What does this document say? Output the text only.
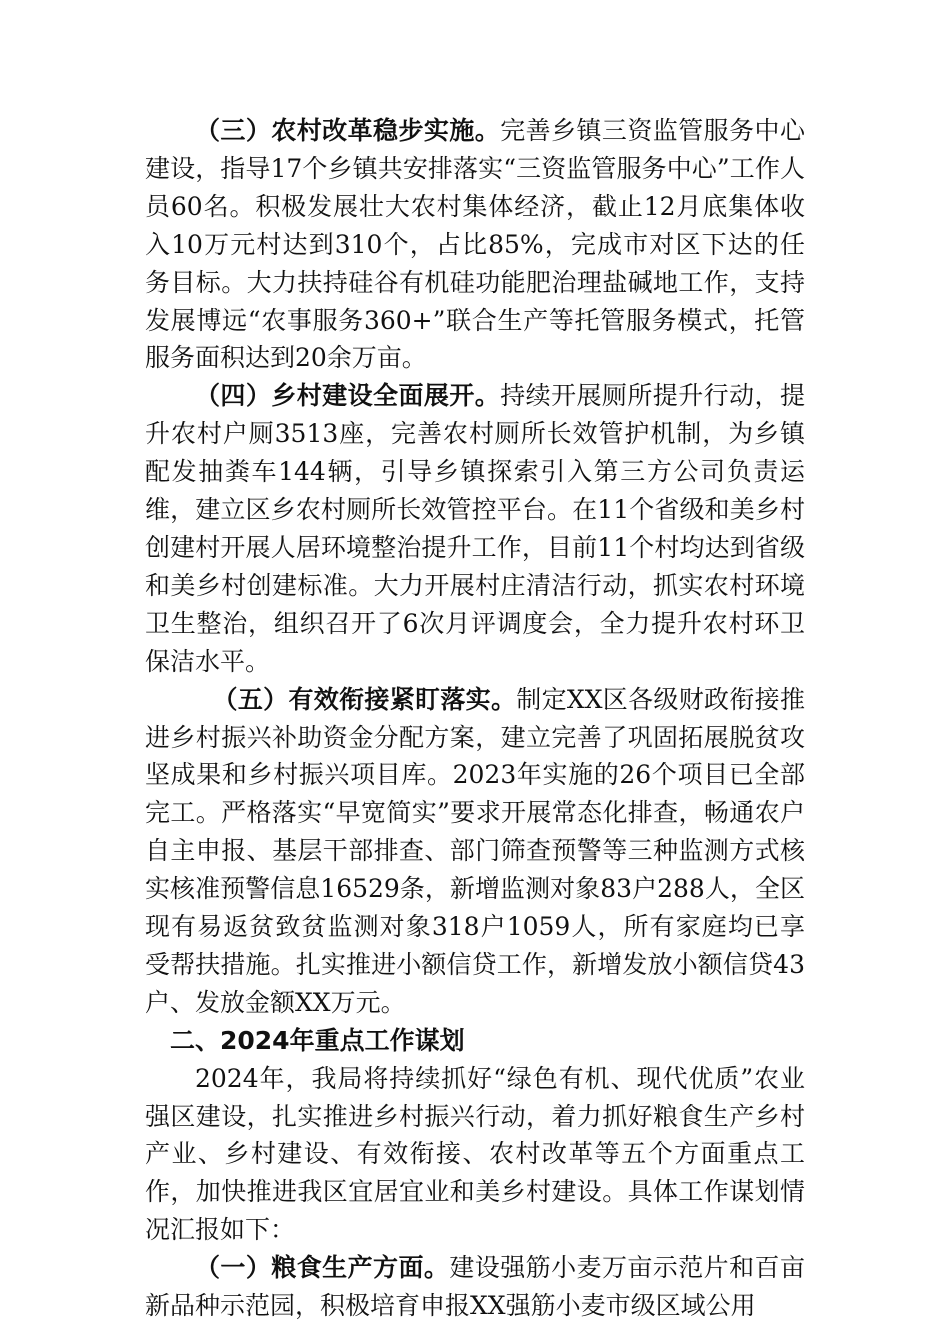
（三）农村改革稳步实施。完善乡镇三资监管服务中心建设，指导17个乡镇共安排落实“三资监管服务中心”工作人员60名。积极发展壮大农村集体经济，截止12月底集体收入10万元村达到310个，占比85%，完成市对区下达的任务目标。大力扶持硅谷有机硅功能肥治理盐碱地工作，支持发展博远“农事服务360+”联合生产等托管服务模式，托管服务面积达到20余万亩。

（四）乡村建设全面展开。持续开展厕所提升行动，提升农村户厕3513座，完善农村厕所长效管护机制，为乡镇配发抽粪车144辆，引导乡镇探索引入第三方公司负责运维，建立区乡农村厕所长效管控平台。在11个省级和美乡村创建村开展人居环境整治提升工作，目前11个村均达到省级和美乡村创建标准。大力开展村庄清洁行动，抓实农村环境卫生整治，组织召开了6次月评调度会，全力提升农村环卫保洁水平。

（五）有效衔接紧盯落实。制定XX区各级财政衔接推进乡村振兴补助资金分配方案，建立完善了巩固拓展脱贫攻坚成果和乡村振兴项目库。2023年实施的26个项目已全部完工。严格落实“早宽简实”要求开展常态化排查，畅通农户自主申报、基层干部排查、部门筛查预警等三种监测方式核实核准预警信息16529条，新增监测对象83户288人，全区现有易返贫致贫监测对象318户1059人，所有家庭均已享受帮扶措施。扎实推进小额信贷工作，新增发放小额信贷43户、发放金额XX万元。

二、2024年重点工作谋划

2024年，我局将持续抓好“绿色有机、现代优质”农业强区建设，扎实推进乡村振兴行动，着力抓好粮食生产乡村产业、乡村建设、有效衔接、农村改革等五个方面重点工作，加快推进我区宜居宜业和美乡村建设。具体工作谋划情况汇报如下：

（一）粮食生产方面。建设强筋小麦万亩示范片和百亩新品种示范园，积极培育申报XX强筋小麦市级区域公用
